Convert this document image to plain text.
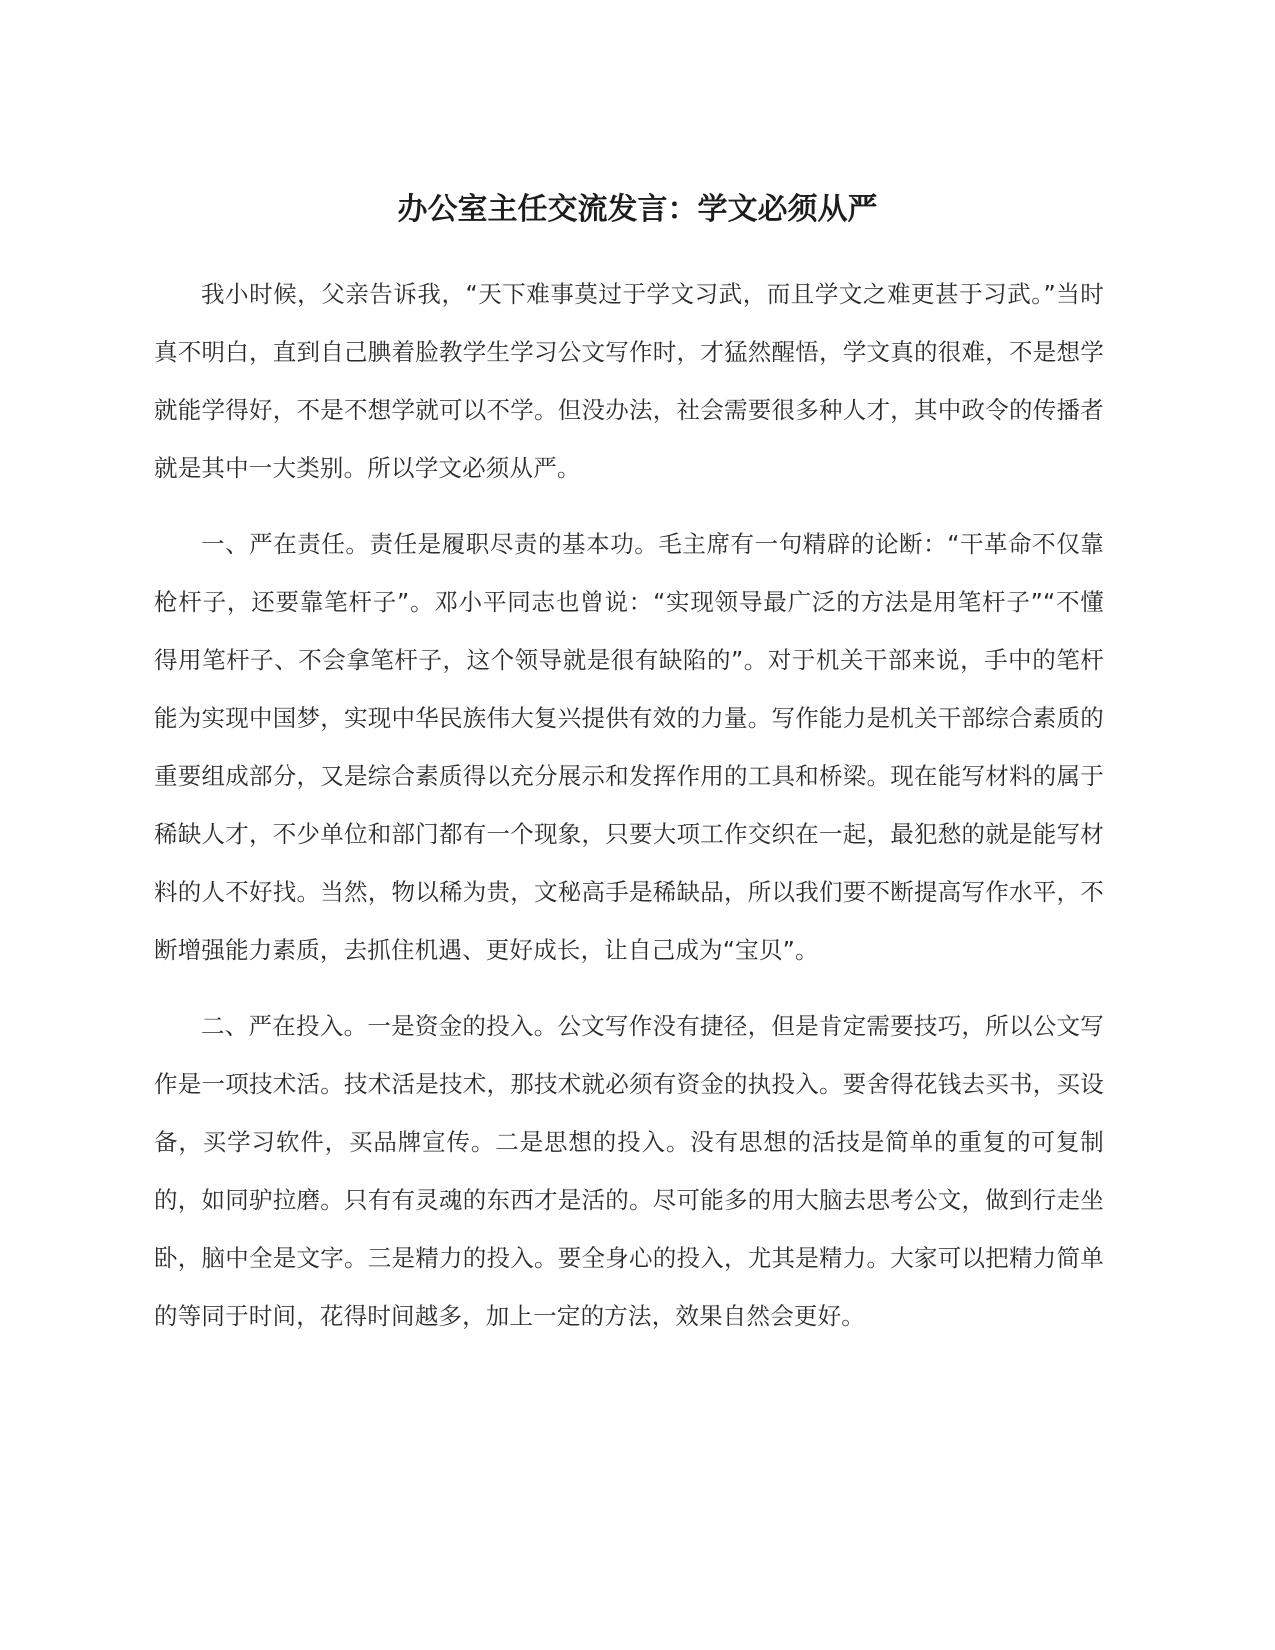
办公室主任交流发言：学文必须从严

我小时候，父亲告诉我，“天下难事莫过于学文习武，而且学文之难更甚于习武。”当时真不明白，直到自己腆着脸教学生学习公文写作时，才猛然醒悟，学文真的很难，不是想学就能学得好，不是不想学就可以不学。但没办法，社会需要很多种人才，其中政令的传播者就是其中一大类别。所以学文必须从严。

一、严在责任。责任是履职尽责的基本功。毛主席有一句精辟的论断：“干革命不仅靠枪杆子，还要靠笔杆子”。邓小平同志也曾说：“实现领导最广泛的方法是用笔杆子”“不懂得用笔杆子、不会拿笔杆子，这个领导就是很有缺陷的”。对于机关干部来说，手中的笔杆能为实现中国梦，实现中华民族伟大复兴提供有效的力量。写作能力是机关干部综合素质的重要组成部分，又是综合素质得以充分展示和发挥作用的工具和桥梁。现在能写材料的属于稀缺人才，不少单位和部门都有一个现象，只要大项工作交织在一起，最犯愁的就是能写材料的人不好找。当然，物以稀为贵，文秘高手是稀缺品，所以我们要不断提高写作水平，不断增强能力素质，去抓住机遇、更好成长，让自己成为“宝贝”。

二、严在投入。一是资金的投入。公文写作没有捷径，但是肯定需要技巧，所以公文写作是一项技术活。技术活是技术，那技术就必须有资金的执投入。要舍得花钱去买书，买设备，买学习软件，买品牌宣传。二是思想的投入。没有思想的活技是简单的重复的可复制的，如同驴拉磨。只有有灵魂的东西才是活的。尽可能多的用大脑去思考公文，做到行走坐卧，脑中全是文字。三是精力的投入。要全身心的投入，尤其是精力。大家可以把精力简单的等同于时间，花得时间越多，加上一定的方法，效果自然会更好。
